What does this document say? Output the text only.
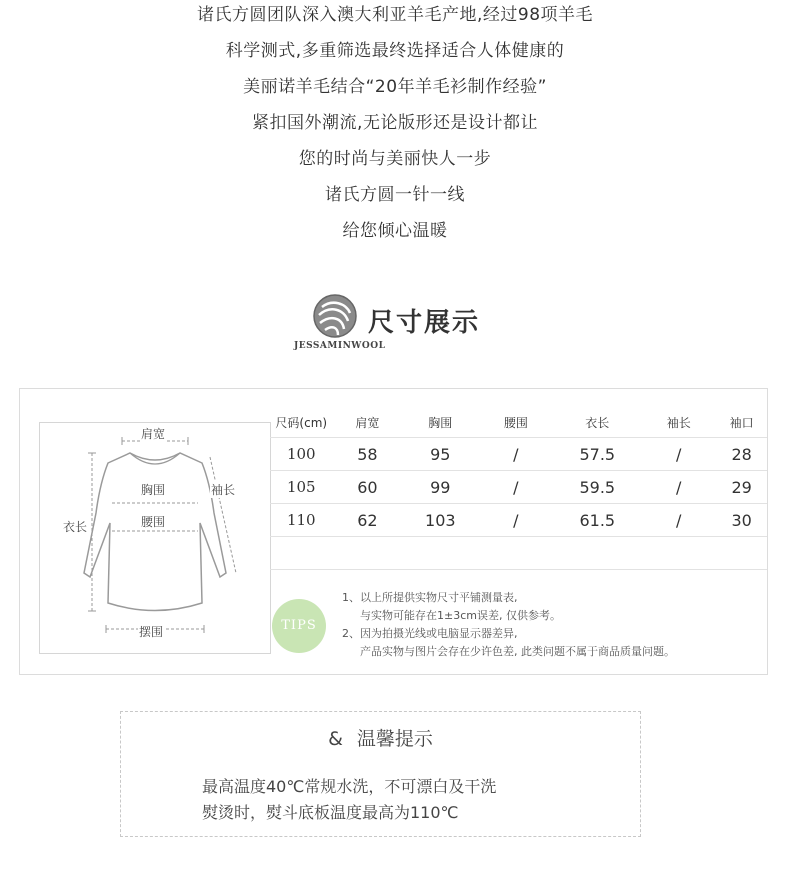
诸氏方圆团队深入澳大利亚羊毛产地,经过98项羊毛
科学测式,多重筛选最终选择适合人体健康的
美丽诺羊毛结合“20年羊毛衫制作经验”
紧扣国外潮流,无论版形还是设计都让
您的时尚与美丽快人一步
诸氏方圆一针一线
给您倾心温暖
JESSAMINWOOL
尺寸展示
肩宽
胸围
腰围
袖长
衣长
摆围
尺码(cm)	肩宽	胸围	腰围	衣长	袖长	袖口
100	58	95	/	57.5	/	28
105	60	99	/	59.5	/	29
110	62	103	/	61.5	/	30

TIPS
1、以上所提供实物尺寸平铺测量表,
与实物可能存在1±3cm误差, 仅供参考。
2、因为拍摄光线或电脑显示器差异,
产品实物与图片会存在少许色差, 此类问题不属于商品质量问题。
& 温馨提示
最高温度40℃常规水洗，不可漂白及干洗
熨烫时，熨斗底板温度最高为110℃
